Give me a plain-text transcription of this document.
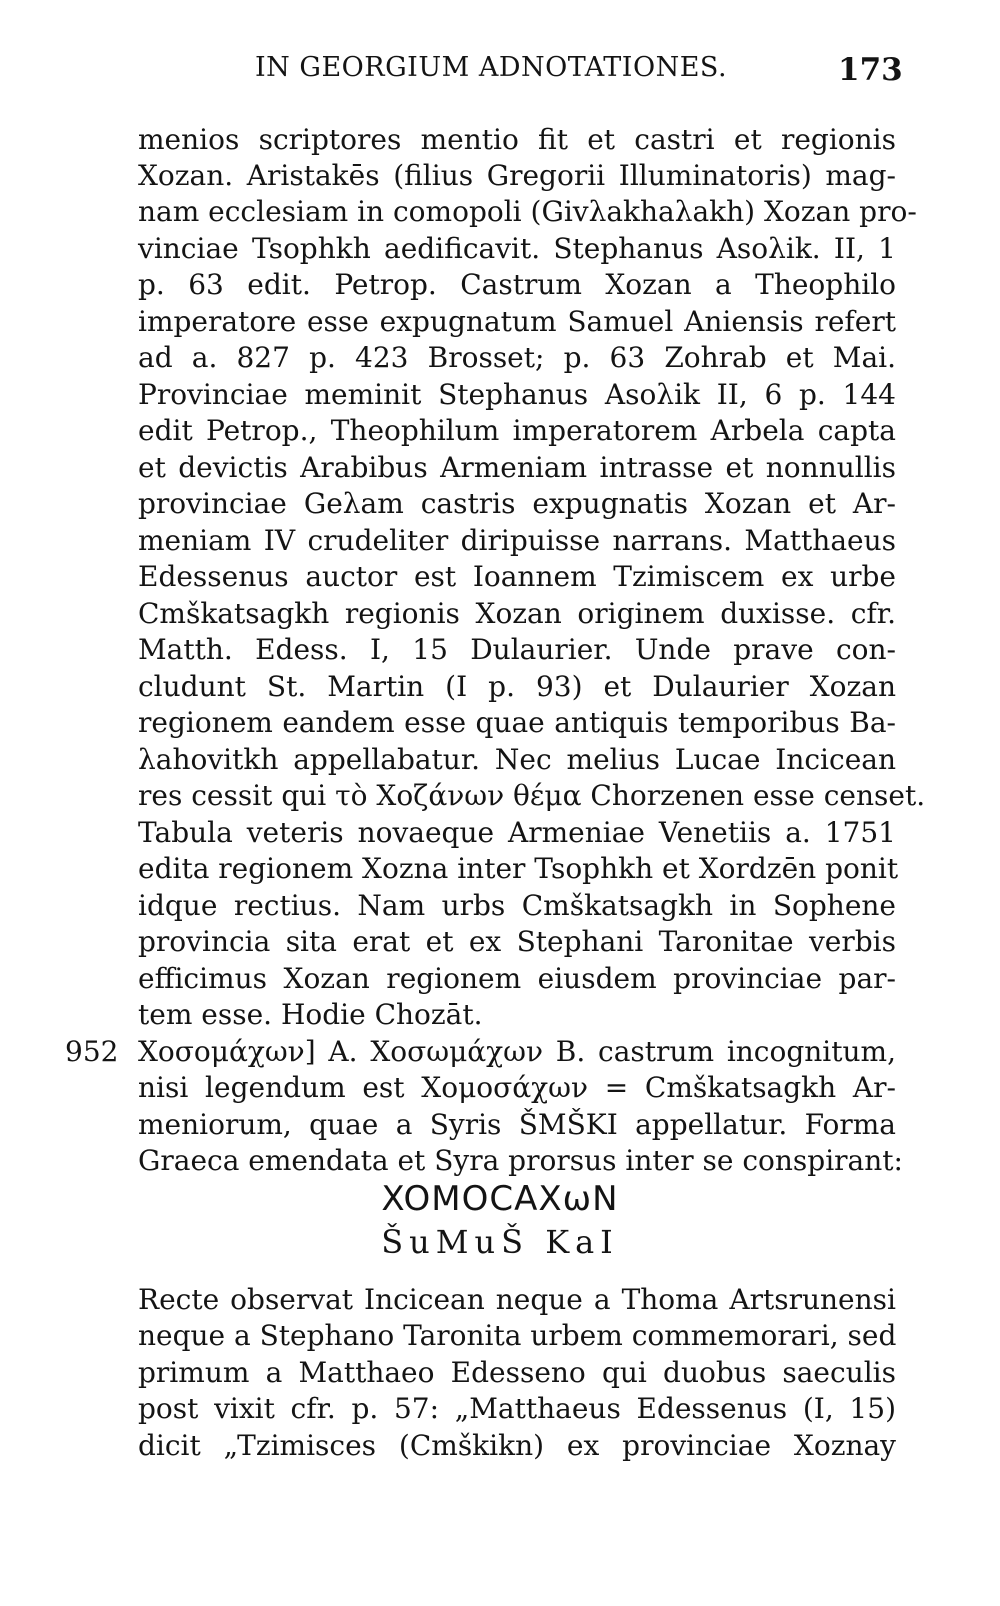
IN GEORGIUM ADNOTATIONES.	173
menios scriptores mentio fit et castri et regionis
Xozan. Aristakēs (filius Gregorii Illuminatoris) mag-
nam ecclesiam in comopoli (Givλakhaλakh) Xozan pro-
vinciae Tsophkh aedificavit. Stephanus Asoλik. II, 1
p. 63 edit. Petrop. Castrum Xozan a Theophilo
imperatore esse expugnatum Samuel Aniensis refert
ad a. 827 p. 423 Brosset; p. 63 Zohrab et Mai.
Provinciae meminit Stephanus Asoλik II, 6 p. 144
edit Petrop., Theophilum imperatorem Arbela capta
et devictis Arabibus Armeniam intrasse et nonnullis
provinciae Geλam castris expugnatis Xozan et Ar-
meniam IV crudeliter diripuisse narrans. Matthaeus
Edessenus auctor est Ioannem Tzimiscem ex urbe
Cmškatsagkh regionis Xozan originem duxisse. cfr.
Matth. Edess. I, 15 Dulaurier. Unde prave con-
cludunt St. Martin (I p. 93) et Dulaurier Xozan
regionem eandem esse quae antiquis temporibus Ba-
λahovitkh appellabatur. Nec melius Lucae Incicean
res cessit qui τὸ Χοζάνων θέμα Chorzenen esse censet.
Tabula veteris novaeque Armeniae Venetiis a. 1751
edita regionem Xozna inter Tsophkh et Xordzēn ponit
idque rectius. Nam urbs Cmškatsagkh in Sophene
provincia sita erat et ex Stephani Taronitae verbis
efficimus Xozan regionem eiusdem provinciae par-
tem esse. Hodie Chozāt.
952 Χοσομάχων] A. Χοσωμάχων B. castrum incognitum,
nisi legendum est Χομοσάχων = Cmškatsagkh Ar-
meniorum, quae a Syris ŠMŠKI appellatur. Forma
Graeca emendata et Syra prorsus inter se conspirant:
XOMOCAXωN
ŠuMuŠ KaI
Recte observat Incicean neque a Thoma Artsrunensi
neque a Stephano Taronita urbem commemorari, sed
primum a Matthaeo Edesseno qui duobus saeculis
post vixit cfr. p. 57: „Matthaeus Edessenus (I, 15)
dicit „Tzimisces (Cmškikn) ex provinciae Xoznay
